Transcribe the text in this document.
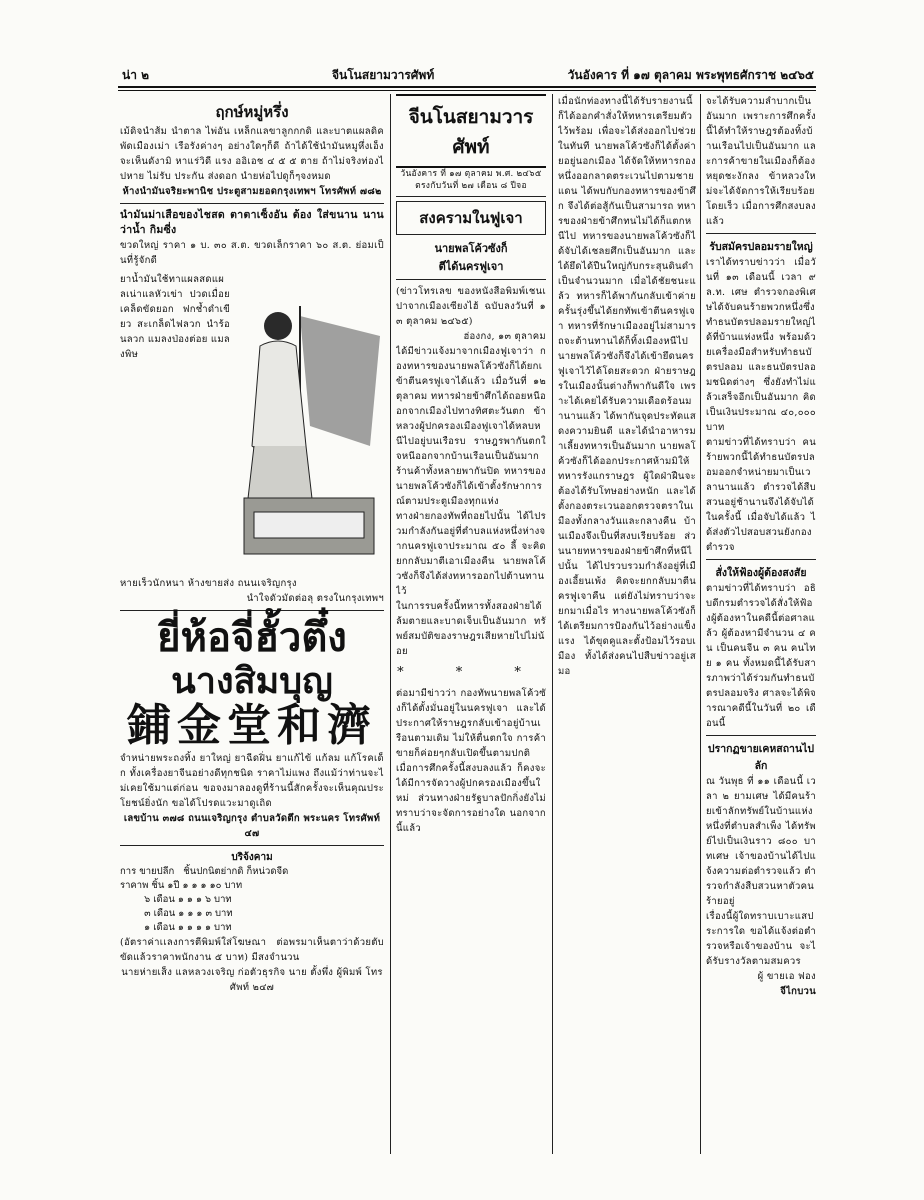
น่า ๒	จีนโนสยามวารศัพท์	วันอังคาร ที่ ๑๗ ตุลาคม พระพุทธศักราช ๒๔๖๕
ฤกษ์หมู่หรึ่ง
เม้ดิจนำส้ม นำตาล ไพ่อัน เหล็กแลขาลูกกกดิ และบาตแผลดิค พัดเมืองเม่า เรือรังค่างๆ อย่างใดๆก็ดี ถ้าได้ใช้นำมันหมูหึ่งเอ็ง จะเห็นดังามิ หาแร่วิดี แรง ออิเอช ๔ ๕ ๕ ตาย ถ้าไม่จริงท่องไปหาย ไม่รับ ประกัน ส่งดอก นำยห่อไปดูก็ๆจงหมด
ห้างนำมันจริยะพานิช ประตูสามยอดกรุงเทพฯ โทรศัพท์ ๗๘๒
นำมันม่าเสือของไชสด ตาตาเซ็งอัน ต้อง ใส่ขนาน นานว่าน้ำ กิมซี่ง
ขวดใหญ่ ราคา ๑ บ. ๓๐ ส.ต. ขวดเล็กราคา ๖๐ ส.ต. ย่อมเป็นที่รู้จักดี
ยาน้ำมันใช้ทาแผลสดแผลเน่าแลหัวเข่า ปวดเมื่อย เคล็ดขัดยอก ฟกช้ำดำเขียว สะเกล็ดไฟลวก นำร้อนลวก แมลงป่องต่อย แมลงพิษ
หายเร็วนักหนา ห้างขายส่ง ถนนเจริญกรุง
นำใจดัวมัดต่อลุ ตรงในกรุงเทพฯ
ยี่ห้อจี่ฮั้วตึ๋ง
นางสิมบุญ
鋪金堂和濟
จำหน่ายพระถงทิ้ง ยาใหญ่ ยาฉีดฝิ่น ยาแก้ไข้ แก้ลม แก้โรคเด็ก ทั้งเครื่องยาจีนอย่างดีทุกชนิด ราคาไม่แพง ถึงแม้ว่าท่านจะไม่เคยใช้มาแต่ก่อน ขอจงมาลองดูที่ร้านนี้สักครั้งจะเห็นคุณประโยชน์ยิ่งนัก ขอได้โปรดแวะมาดูเถิด
เลขบ้าน ๓๗๘ ถนนเจริญกรุง ตำบลวัดตึก พระนคร โทรศัพท์ ๔๗
บริจ้งคาม
การ ขายปลีก   ชิ้นปกนิตย่ากดิ ก็หน่วดจีด
ราคาพ ชิ้น ๑ปี ๑ ๑ ๑ ๑๐ บาท
๖ เดือน ๑ ๑ ๑ ๖ บาท
๓ เดือน ๑ ๑ ๑ ๓ บาท
๑ เดือน ๑ ๑ ๑ ๑ บาท
(อัตราค่าเเลงการตีพิมพ์ใส่โฆษณา ต่อพรมาเห็นตาว่าด้วยตับ ขัดแล้วราคาพนักงาน ๕ บาท) มีสงจำนวน
นายห่ายเส็ง แลหลวงเจริญ ก่อตัวธุรกิจ นาย ตั้งพึ่ง ผู้พิมพ์ โทรศัพท์ ๒๔๗
จีนโนสยามวารศัพท์
วันอังคาร ที่ ๑๗ ตุลาคม พ.ศ. ๒๔๖๕ ตรงกับวันที่ ๒๗ เดือน ๘ ปีจอ
สงครามในฟูเจา
นายพลโค้วซังก็
ตีได้นครฟูเจา
(ข่าวโทรเลข ของหนังสือพิมพ์เชนเปาจากเมืองเซียงไฮ้ ฉบับลงวันที่ ๑๓ ตุลาคม ๒๔๖๕)
ฮ่องกง, ๑๓ ตุลาคม
ได้มีข่าวแจ้งมาจากเมืองฟูเจาว่า กองทหารของนายพลโค้วซังก็ได้ยกเข้าตีนครฟูเจาได้แล้ว เมื่อวันที่ ๑๒ ตุลาคม ทหารฝ่ายข้าศึกได้ถอยหนีออกจากเมืองไปทางทิศตะวันตก ข้าหลวงผู้ปกครองเมืองฟูเจาได้หลบหนีไปอยู่บนเรือรบ ราษฎรพากันตกใจหนีออกจากบ้านเรือนเป็นอันมาก ร้านค้าทั้งหลายพากันปิด ทหารของนายพลโค้วซังก็ได้เข้าตั้งรักษาการณ์ตามประตูเมืองทุกแห่ง
ทางฝ่ายกองทัพที่ถอยไปนั้น ได้ไปรวมกำลังกันอยู่ที่ตำบลแห่งหนึ่งห่างจากนครฟูเจาประมาณ ๕๐ ลี้ จะคิดยกกลับมาตีเอาเมืองคืน นายพลโค้วซังก็จึงได้ส่งทหารออกไปต้านทานไว้
ในการรบครั้งนี้ทหารทั้งสองฝ่ายได้ล้มตายและบาดเจ็บเป็นอันมาก ทรัพย์สมบัติของราษฎรเสียหายไปไม่น้อย
* * *
ต่อมามีข่าวว่า กองทัพนายพลโค้วซังก็ได้ตั้งมั่นอยู่ในนครฟูเจา และได้ประกาศให้ราษฎรกลับเข้าอยู่บ้านเรือนตามเดิม ไม่ให้ตื่นตกใจ การค้าขายก็ค่อยๆกลับเปิดขึ้นตามปกติ
เมื่อการศึกครั้งนี้สงบลงแล้ว ก็คงจะได้มีการจัดวางผู้ปกครองเมืองขึ้นใหม่ ส่วนทางฝ่ายรัฐบาลปักกิ่งยังไม่ทราบว่าจะจัดการอย่างใด นอกจากนี้แล้ว
เมื่อนักท่องทางนี้ได้รับรายงานนี้ ก็ได้ออกคำสั่งให้ทหารเตรียมตัวไว้พร้อม เพื่อจะได้ส่งออกไปช่วยในทันที นายพลโค้วซังก็ได้ตั้งค่ายอยู่นอกเมือง ได้จัดให้ทหารกองหนึ่งออกลาดตระเวนไปตามชายแดน ได้พบกับกองทหารของข้าศึก จึงได้ต่อสู้กันเป็นสามารถ ทหารของฝ่ายข้าศึกทนไม่ได้ก็แตกหนีไป ทหารของนายพลโค้วซังก็ได้จับได้เชลยศึกเป็นอันมาก และได้ยึดได้ปืนใหญ่กับกระสุนดินดำเป็นจำนวนมาก เมื่อได้ชัยชนะแล้ว ทหารก็ได้พากันกลับเข้าค่าย ครั้นรุ่งขึ้นได้ยกทัพเข้าตีนครฟูเจา ทหารที่รักษาเมืองอยู่ไม่สามารถจะต้านทานได้ก็ทิ้งเมืองหนีไป นายพลโค้วซังก็จึงได้เข้ายึดนครฟูเจาไว้ได้โดยสะดวก ฝ่ายราษฎรในเมืองนั้นต่างก็พากันดีใจ เพราะได้เคยได้รับความเดือดร้อนมานานแล้ว ได้พากันจุดประทัดแสดงความยินดี และได้นำอาหารมาเลี้ยงทหารเป็นอันมาก นายพลโค้วซังก็ได้ออกประกาศห้ามมิให้ทหารรังแกราษฎร ผู้ใดฝ่าฝืนจะต้องได้รับโทษอย่างหนัก และได้ตั้งกองตระเวนออกตรวจตราในเมืองทั้งกลางวันและกลางคืน บ้านเมืองจึงเป็นที่สงบเรียบร้อย ส่วนนายทหารของฝ่ายข้าศึกที่หนีไปนั้น ได้ไปรวบรวมกำลังอยู่ที่เมืองเอี้ยนเพ้ง คิดจะยกกลับมาตีนครฟูเจาคืน แต่ยังไม่ทราบว่าจะยกมาเมื่อไร ทางนายพลโค้วซังก็ได้เตรียมการป้องกันไว้อย่างแข็งแรง ได้ขุดคูและตั้งป้อมไว้รอบเมือง ทั้งได้ส่งคนไปสืบข่าวอยู่เสมอ
จะได้รับความลำบากเป็นอันมาก เพราะการศึกครั้งนี้ได้ทำให้ราษฎรต้องทิ้งบ้านเรือนไปเป็นอันมาก และการค้าขายในเมืองก็ต้องหยุดชะงักลง ข้าหลวงใหม่จะได้จัดการให้เรียบร้อยโดยเร็ว เมื่อการศึกสงบลงแล้ว
รับสมัครปลอมรายใหญ่
เราได้ทราบข่าวว่า เมื่อวันที่ ๑๓ เดือนนี้ เวลา ๙ ล.ท. เศษ ตำรวจกองพิเศษได้จับคนร้ายพวกหนึ่งซึ่งทำธนบัตรปลอมรายใหญ่ได้ที่บ้านแห่งหนึ่ง พร้อมด้วยเครื่องมือสำหรับทำธนบัตรปลอม และธนบัตรปลอมชนิดต่างๆ ซึ่งยังทำไม่แล้วเสร็จอีกเป็นอันมาก คิดเป็นเงินประมาณ ๔๐,๐๐๐ บาท
ตามข่าวที่ได้ทราบว่า คนร้ายพวกนี้ได้ทำธนบัตรปลอมออกจำหน่ายมาเป็นเวลานานแล้ว ตำรวจได้สืบสวนอยู่ช้านานจึงได้จับได้ในครั้งนี้ เมื่อจับได้แล้ว ได้ส่งตัวไปสอบสวนยังกองตำรวจ
สั่งให้ฟ้องผู้ต้องสงสัย
ตามข่าวที่ได้ทราบว่า อธิบดีกรมตำรวจได้สั่งให้ฟ้องผู้ต้องหาในคดีนี้ต่อศาลแล้ว ผู้ต้องหามีจำนวน ๔ คน เป็นคนจีน ๓ คน คนไทย ๑ คน ทั้งหมดนี้ได้รับสารภาพว่าได้ร่วมกันทำธนบัตรปลอมจริง ศาลจะได้พิจารณาคดีนี้ในวันที่ ๒๐ เดือนนี้
ปรากฏขายเคหสถานไปลัก
ณ วันพุธ ที่ ๑๑ เดือนนี้ เวลา ๒ ยามเศษ ได้มีคนร้ายเข้าลักทรัพย์ในบ้านแห่งหนึ่งที่ตำบลสำเพ็ง ได้ทรัพย์ไปเป็นเงินราว ๘๐๐ บาทเศษ เจ้าของบ้านได้ไปแจ้งความต่อตำรวจแล้ว ตำรวจกำลังสืบสวนหาตัวคนร้ายอยู่
เรื่องนี้ผู้ใดทราบเบาะแสประการใด ขอได้แจ้งต่อตำรวจหรือเจ้าของบ้าน จะได้รับรางวัลตามสมควร
ผู้ ขายเอ ฟอง
จีไกบวน
